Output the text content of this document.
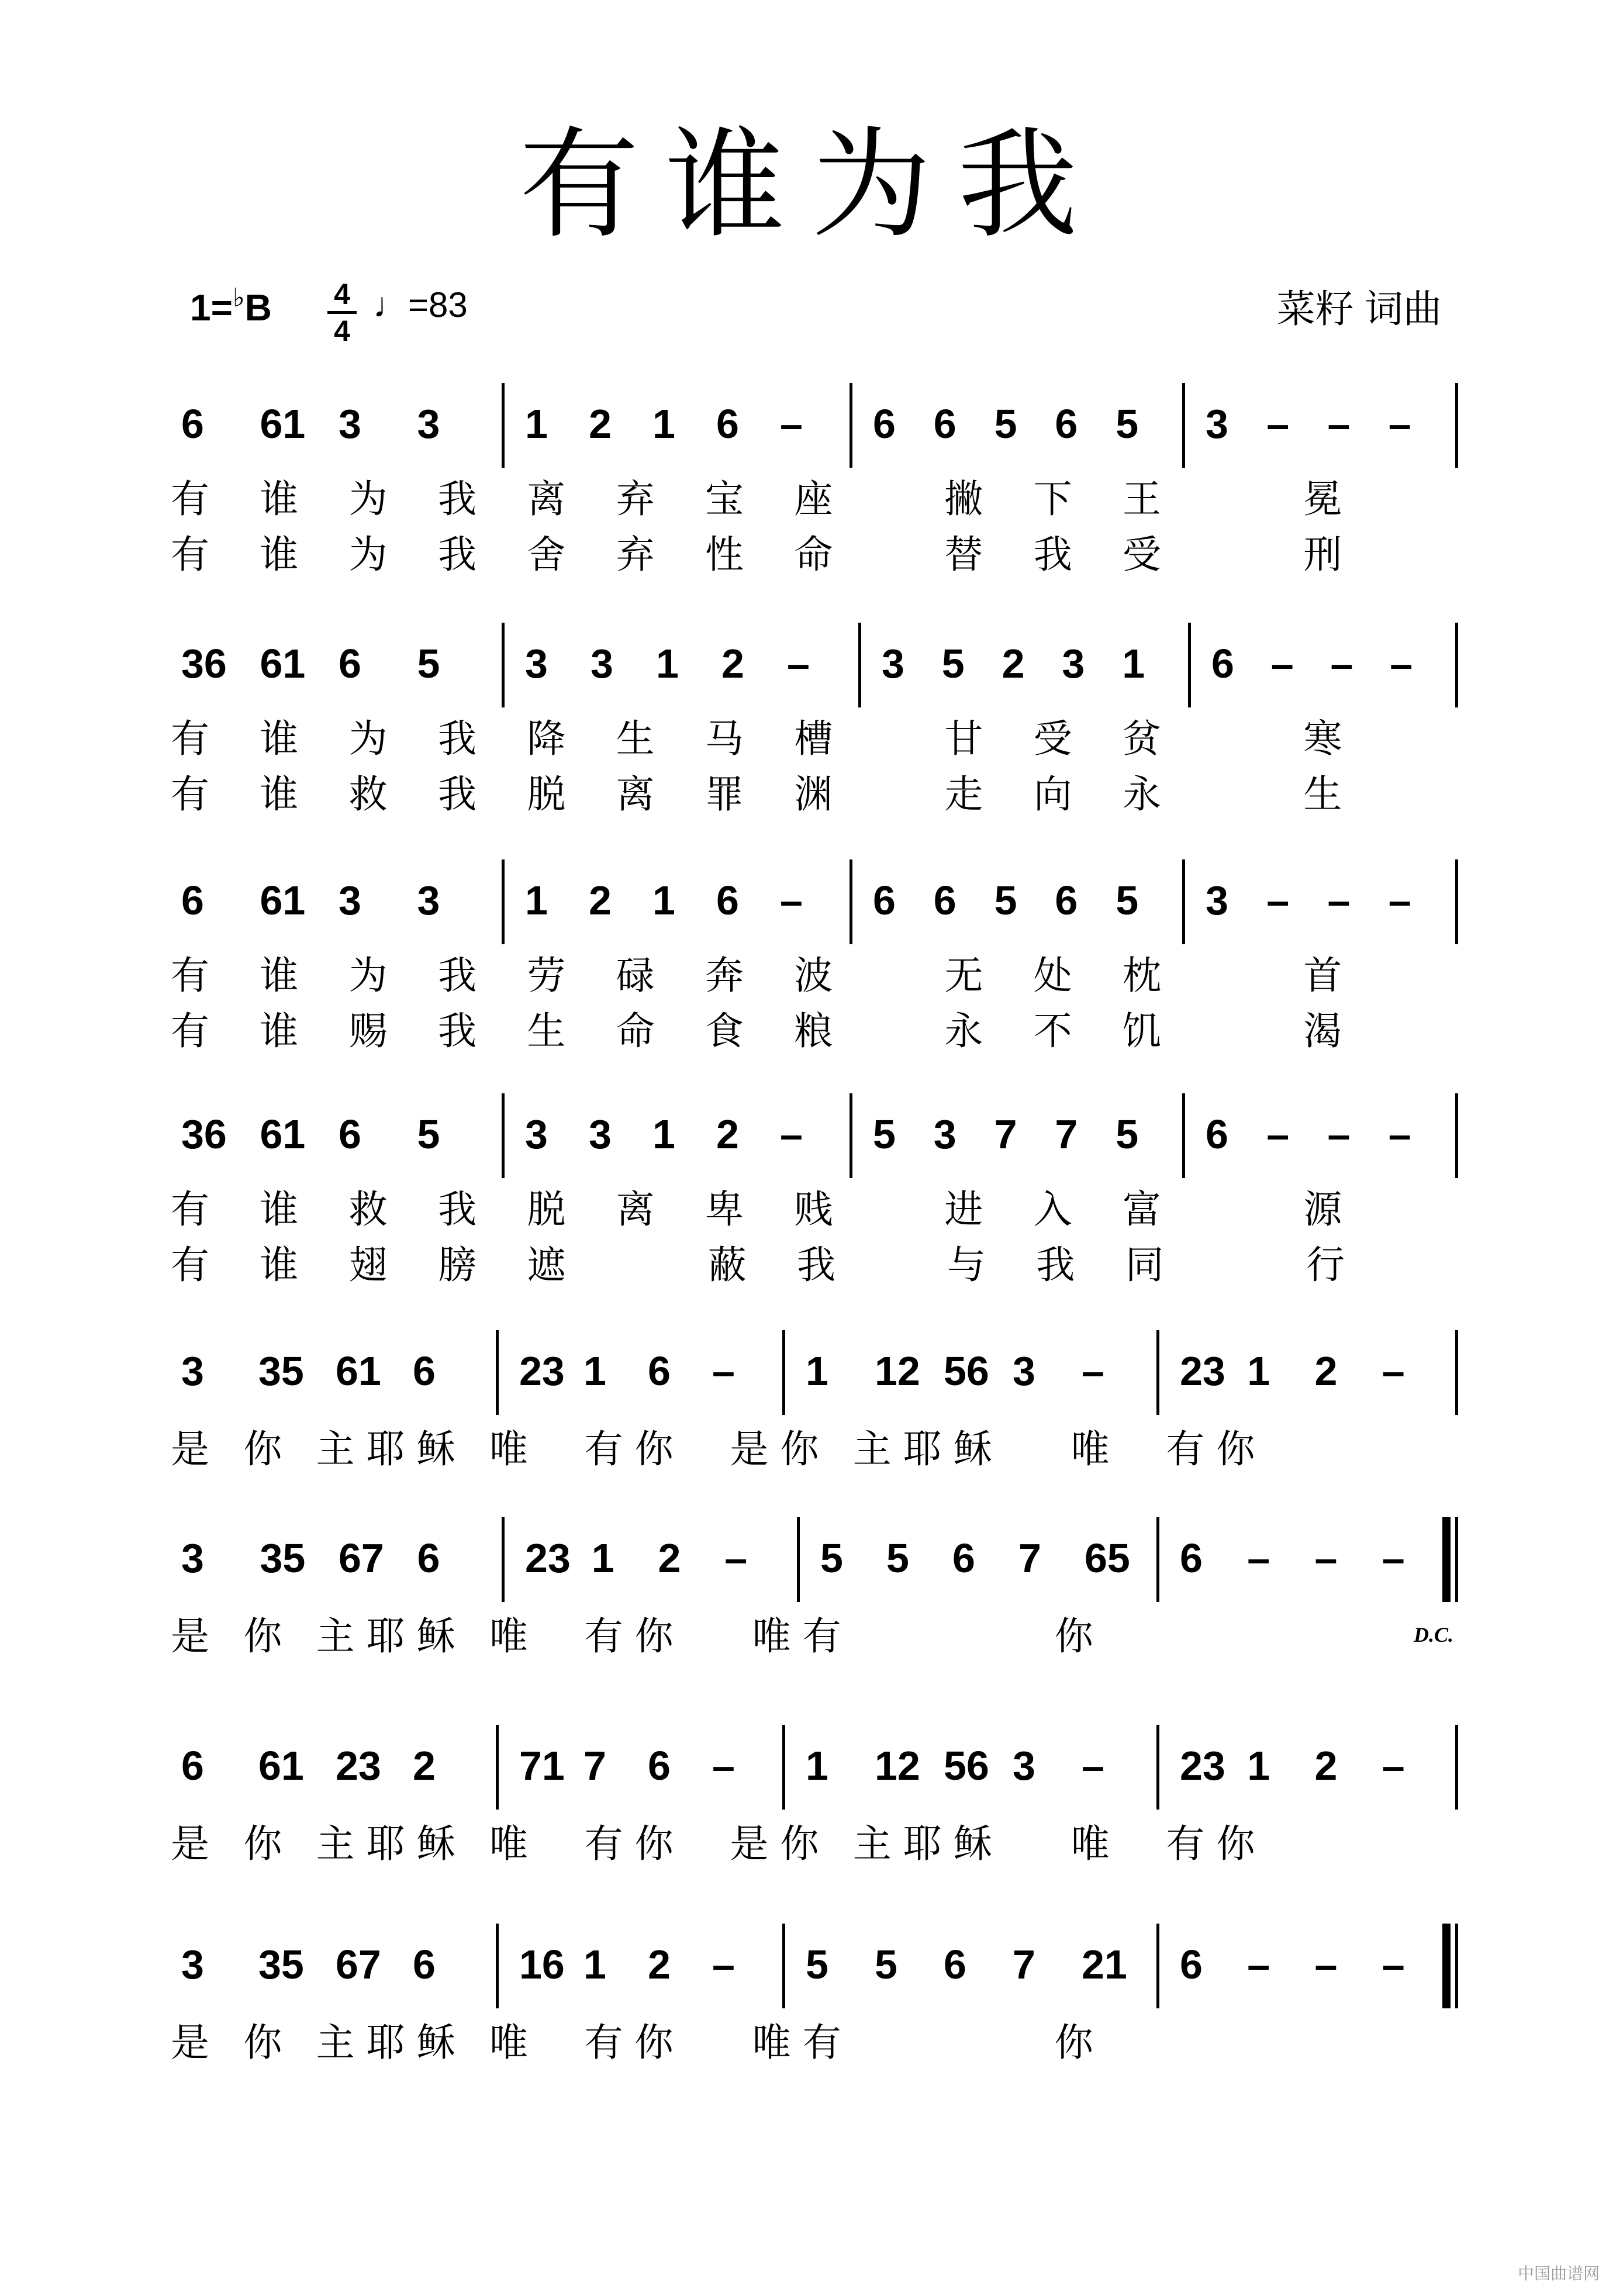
有谁为我
1=♭B 4
4
♩=83	菜籽 词曲
6 61 3 3 1 2 1 6 – 6 6 5 6 5 3 – – –
有 谁 为 我 离 弃 宝 座   撇 下 王    冕
有 谁 为 我 舍 弃 性 命   替 我 受    刑
36 61 6 5 3 3 1 2 – 3 5 2 3 1 6 – – –
有 谁 为 我 降 生 马 槽   甘 受 贫    寒
有 谁 救 我 脱 离 罪 渊   走 向 永    生
6 61 3 3 1 2 1 6 – 6 6 5 6 5 3 – – –
有 谁 为 我 劳 碌 奔 波   无 处 枕    首
有 谁 赐 我 生 命 食 粮   永 不 饥    渴
36 61 6 5 3 3 1 2 – 5 3 7 7 5 6 – – –
有 谁 救 我 脱 离 卑 贱   进 入 富    源
有 谁 翅 膀 遮    蔽 我   与 我 同    行
3 35 61 6 23 1 6 – 1 12 56 3 – 23 1 2 –
是 你 主耶稣 唯  有你  是你 主耶稣   唯  有你
3 35 67 6 23 1 2 – 5 5 6 7 65 6 – – –
是 你 主耶稣 唯  有你   唯有         你
6 61 23 2 71 7 6 – 1 12 56 3 – 23 1 2 –
是 你 主耶稣 唯  有你  是你 主耶稣   唯  有你
3 35 67 6 16 1 2 – 5 5 6 7 21 6 – – –
是 你 主耶稣 唯  有你   唯有         你
D.C.
中国曲谱网
